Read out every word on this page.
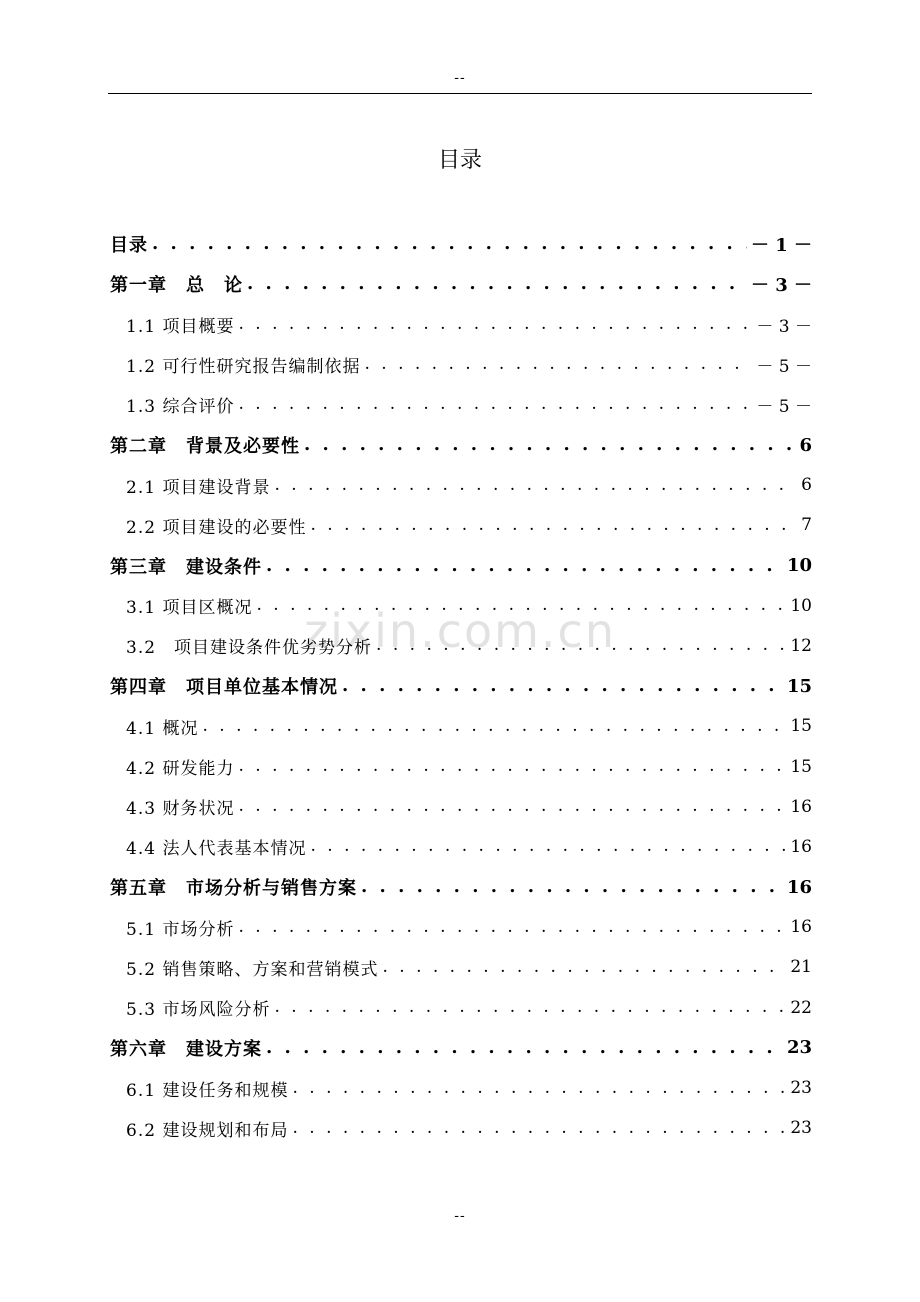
--
目录
zixin.com.cn
目录 . . .	－ 1 －
第一章　总　论 . . .	－ 3 －
1.1 项目概要 . . .	－ 3 －
1.2 可行性研究报告编制依据 . . .	－ 5 －
1.3 综合评价 . . .	－ 5 －
第二章　背景及必要性 . . .	6
2.1 项目建设背景 . . .	6
2.2 项目建设的必要性 . . .	7
第三章　建设条件 . . .	10
3.1 项目区概况 . . .	10
3.2　项目建设条件优劣势分析 . . .	12
第四章　项目单位基本情况 . . .	15
4.1 概况 . . .	15
4.2 研发能力 . . .	15
4.3 财务状况 . . .	16
4.4 法人代表基本情况 . . .	16
第五章　市场分析与销售方案 . . .	16
5.1 市场分析 . . .	16
5.2 销售策略、方案和营销模式 . . .	21
5.3 市场风险分析 . . .	22
第六章　建设方案 . . .	23
6.1 建设任务和规模 . . .	23
6.2 建设规划和布局 . . .	23
--
